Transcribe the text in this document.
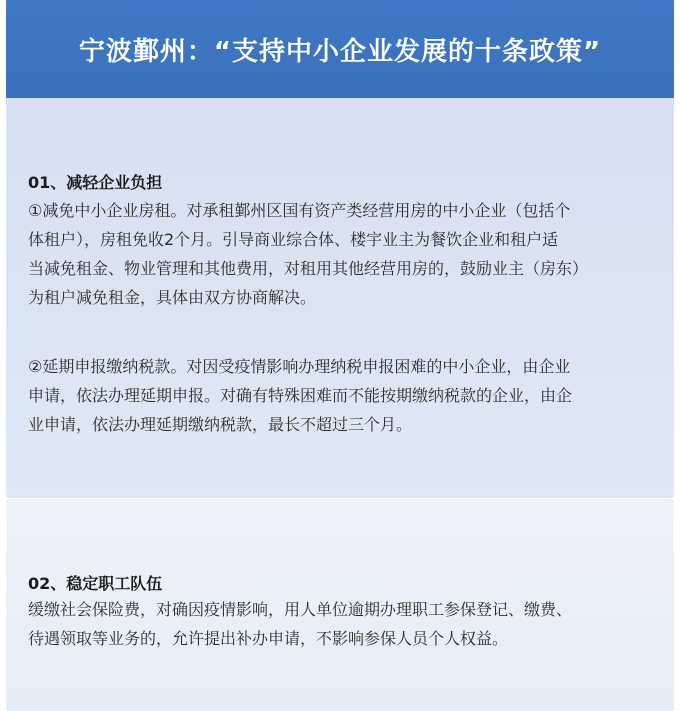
宁波鄞州：“支持中小企业发展的十条政策”
01、减轻企业负担

①减免中小企业房租。对承租鄞州区国有资产类经营用房的中小企业（包括个
体租户），房租免收2个月。引导商业综合体、楼宇业主为餐饮企业和租户适
当减免租金、物业管理和其他费用，对租用其他经营用房的，鼓励业主（房东）
为租户减免租金，具体由双方协商解决。

②延期申报缴纳税款。对因受疫情影响办理纳税申报困难的中小企业，由企业
申请，依法办理延期申报。对确有特殊困难而不能按期缴纳税款的企业，由企
业申请，依法办理延期缴纳税款，最长不超过三个月。

02、稳定职工队伍

缓缴社会保险费，对确因疫情影响，用人单位逾期办理职工参保登记、缴费、
待遇领取等业务的，允许提出补办申请，不影响参保人员个人权益。
